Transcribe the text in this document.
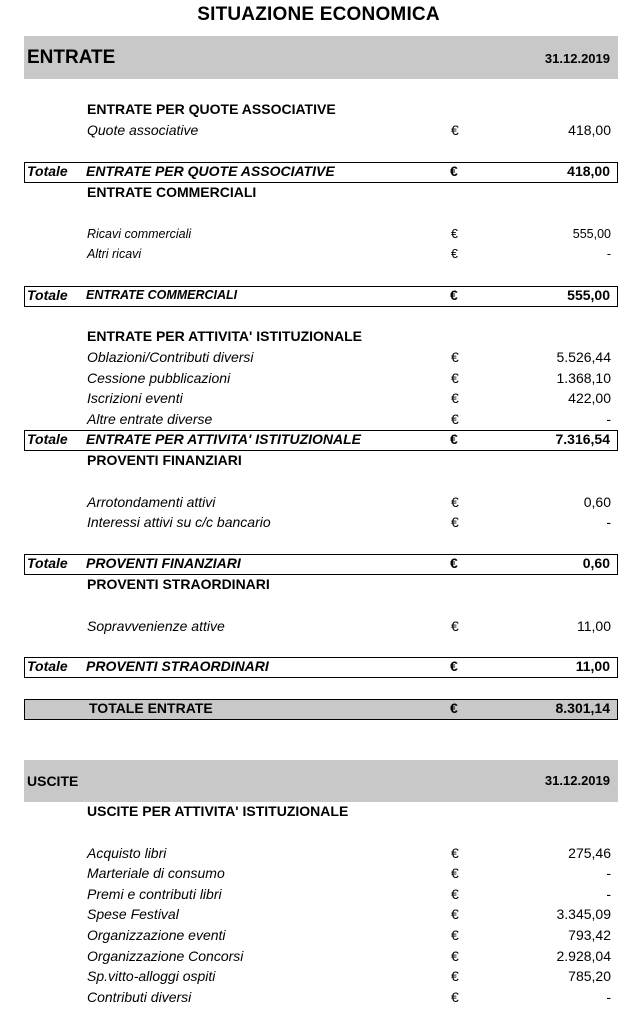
SITUAZIONE ECONOMICA
ENTRATE	31.12.2019
ENTRATE PER QUOTE ASSOCIATIVE
Quote associative	€	418,00
Totale ENTRATE PER QUOTE ASSOCIATIVE	€	418,00
ENTRATE COMMERCIALI
Ricavi commerciali	€	555,00
Altri ricavi	€	-
Totale ENTRATE COMMERCIALI	€	555,00
ENTRATE PER ATTIVITA' ISTITUZIONALE
Oblazioni/Contributi diversi	€	5.526,44
Cessione pubblicazioni	€	1.368,10
Iscrizioni eventi	€	422,00
Altre entrate diverse	€	-
Totale ENTRATE PER ATTIVITA' ISTITUZIONALE	€	7.316,54
PROVENTI FINANZIARI
Arrotondamenti attivi	€	0,60
Interessi attivi su c/c bancario	€	-
Totale PROVENTI FINANZIARI	€	0,60
PROVENTI STRAORDINARI
Sopravvenienze attive	€	11,00
Totale PROVENTI STRAORDINARI	€	11,00
TOTALE ENTRATE	€	8.301,14
USCITE	31.12.2019
USCITE PER ATTIVITA' ISTITUZIONALE
Acquisto libri	€	275,46
Marteriale di consumo	€	-
Premi e contributi libri	€	-
Spese Festival	€	3.345,09
Organizzazione eventi	€	793,42
Organizzazione Concorsi	€	2.928,04
Sp.vitto-alloggi ospiti	€	785,20
Contributi diversi	€	-
